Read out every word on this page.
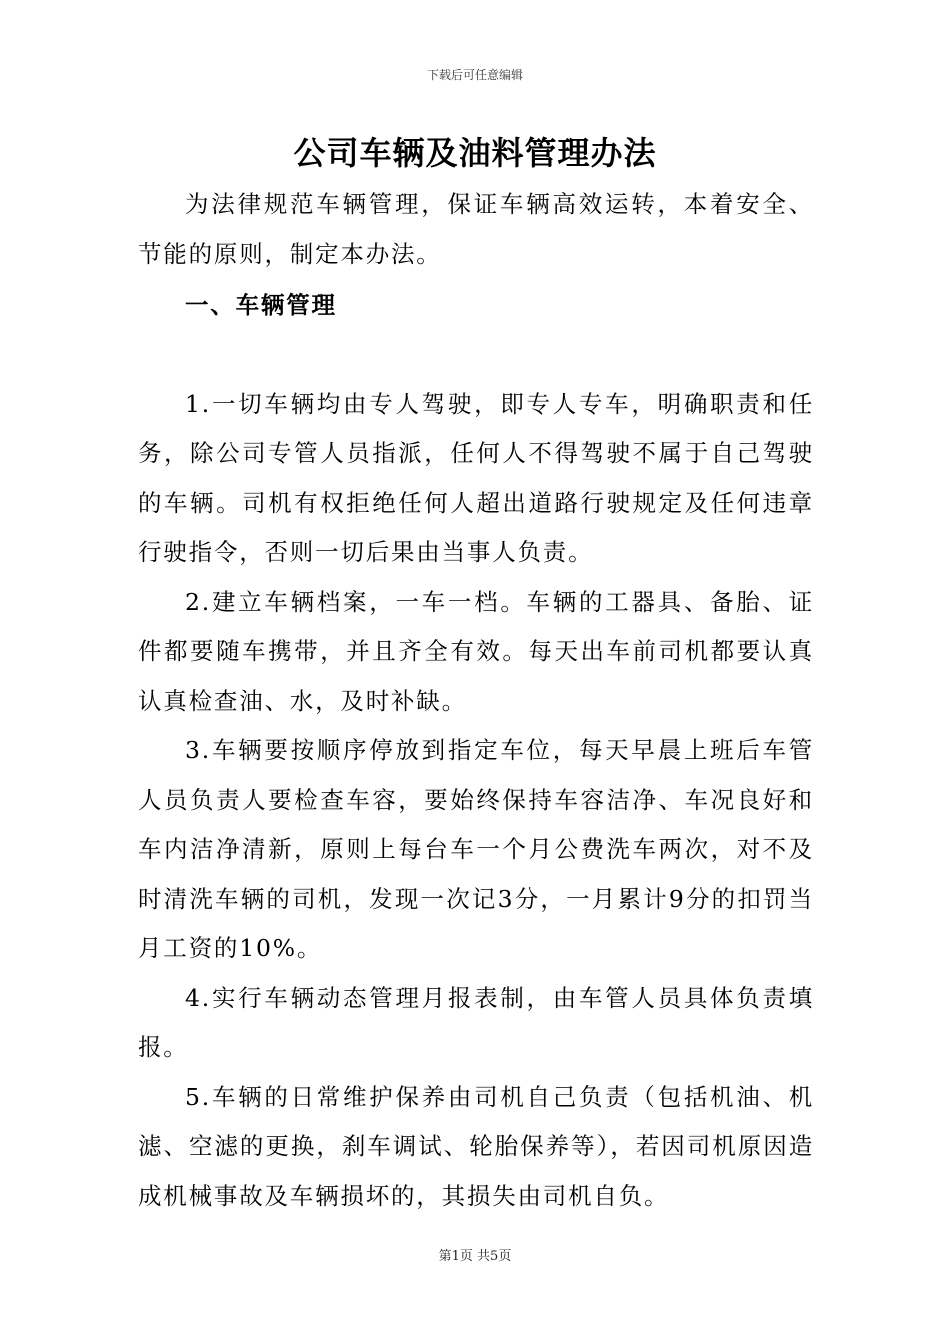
下载后可任意编辑
公司车辆及油料管理办法

为法律规范车辆管理，保证车辆高效运转，本着安全、节能的原则，制定本办法。

一、车辆管理

1.一切车辆均由专人驾驶，即专人专车，明确职责和任务，除公司专管人员指派，任何人不得驾驶不属于自己驾驶的车辆。司机有权拒绝任何人超出道路行驶规定及任何违章行驶指令，否则一切后果由当事人负责。

2.建立车辆档案，一车一档。车辆的工器具、备胎、证件都要随车携带，并且齐全有效。每天出车前司机都要认真认真检查油、水，及时补缺。

3.车辆要按顺序停放到指定车位，每天早晨上班后车管人员负责人要检查车容，要始终保持车容洁净、车况良好和车内洁净清新，原则上每台车一个月公费洗车两次，对不及时清洗车辆的司机，发现一次记3分，一月累计9分的扣罚当月工资的10%。

4.实行车辆动态管理月报表制，由车管人员具体负责填报。

5.车辆的日常维护保养由司机自己负责（包括机油、机滤、空滤的更换，刹车调试、轮胎保养等），若因司机原因造成机械事故及车辆损坏的，其损失由司机自负。

第1页 共5页
